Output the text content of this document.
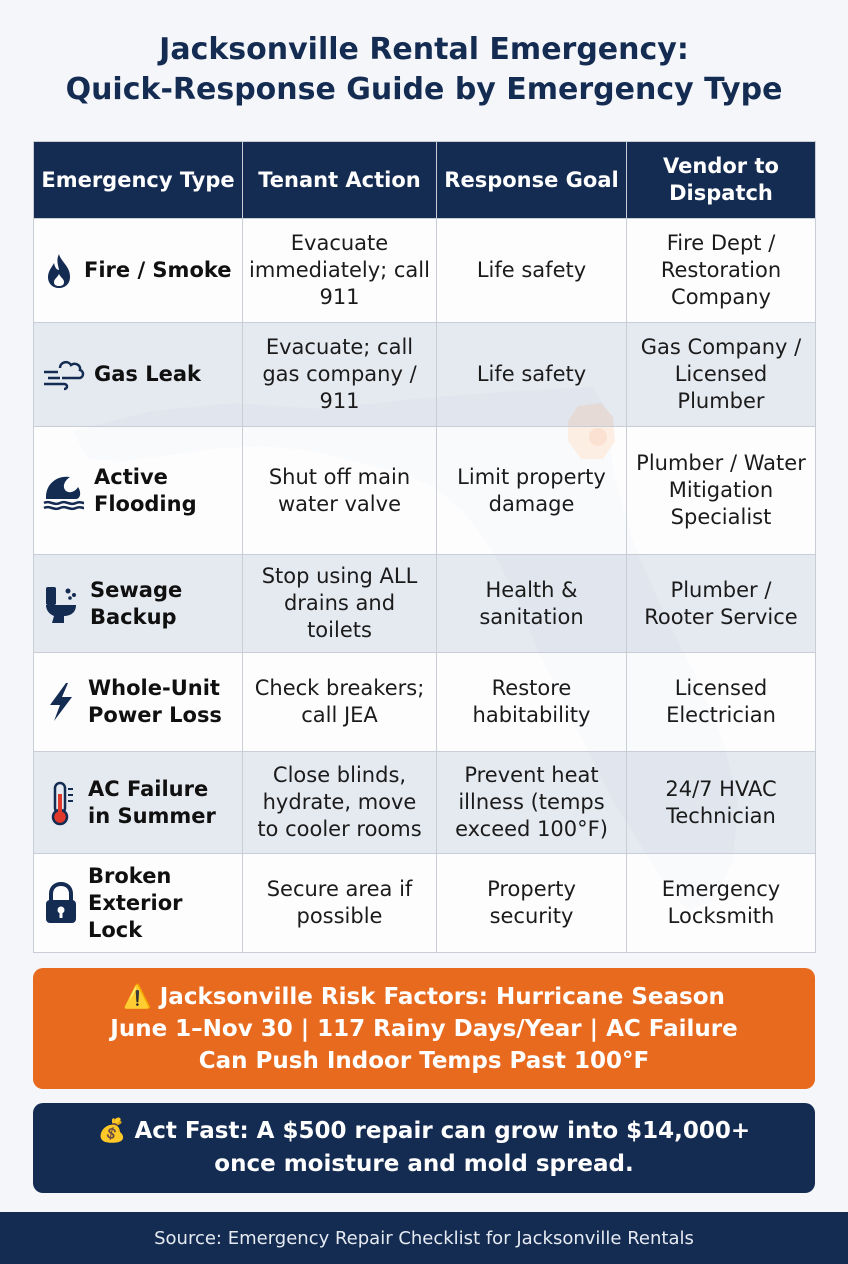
Jacksonville Rental Emergency:
Quick-Response Guide by Emergency Type
Emergency Type	Tenant Action	Response Goal	Vendor to Dispatch

Fire / Smoke	Evacuate immediately; call 911	Life safety	Fire Dept / Restoration Company

Gas Leak	Evacuate; call gas company / 911	Life safety	Gas Company / Licensed Plumber

Active Flooding	Shut off main water valve	Limit property damage	Plumber / Water Mitigation Specialist

Sewage Backup	Stop using ALL drains and toilets	Health & sanitation	Plumber / Rooter Service

Whole-Unit Power Loss	Check breakers; call JEA	Restore habitability	Licensed Electrician

AC Failure in Summer	Close blinds, hydrate, move to cooler rooms	Prevent heat illness (temps exceed 100°F)	24/7 HVAC Technician

Broken Exterior Lock	Secure area if possible	Property security	Emergency Locksmith
⚠️ Jacksonville Risk Factors: Hurricane Season
June 1–Nov 30 | 117 Rainy Days/Year | AC Failure
Can Push Indoor Temps Past 100°F
💰 Act Fast: A $500 repair can grow into $14,000+
once moisture and mold spread.
Source: Emergency Repair Checklist for Jacksonville Rentals
